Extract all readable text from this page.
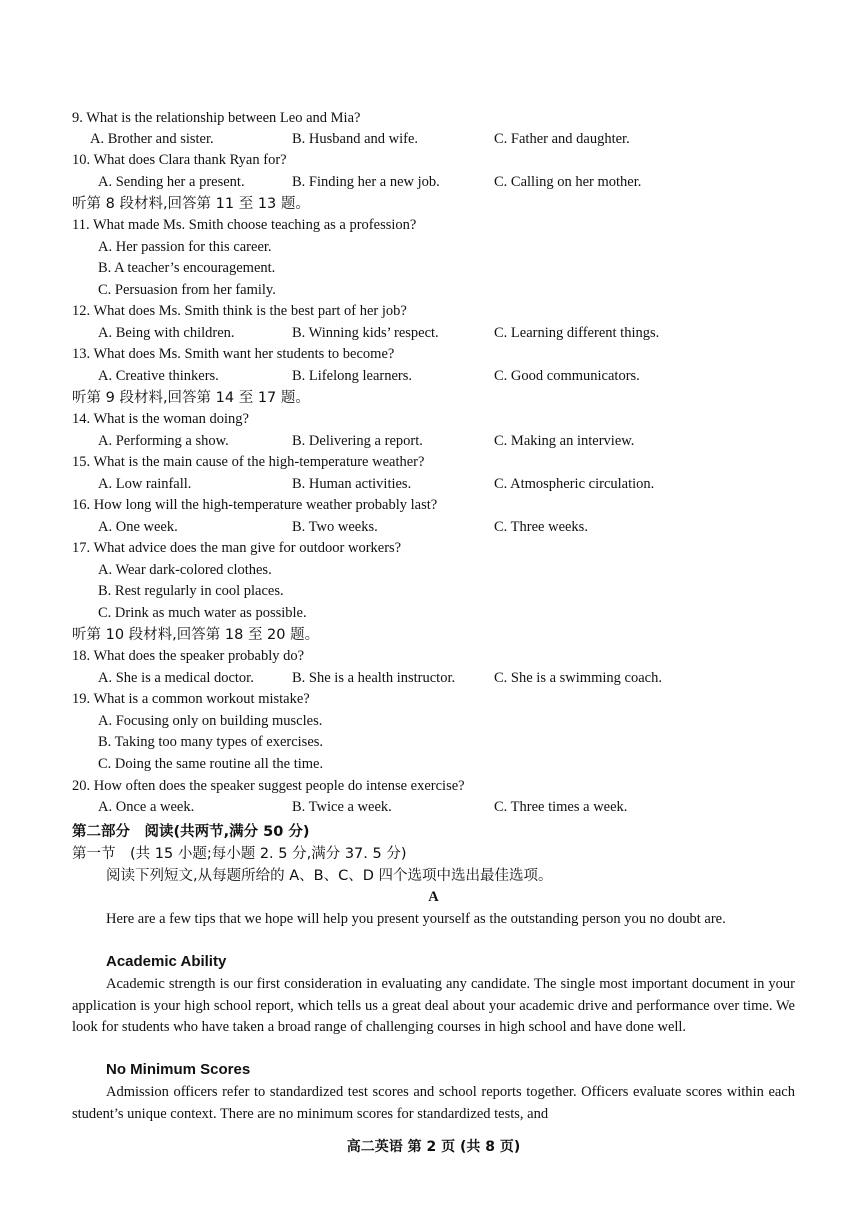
9. What is the relationship between Leo and Mia?
A. Brother and sister.	B. Husband and wife.	C. Father and daughter.
10. What does Clara thank Ryan for?
A. Sending her a present.	B. Finding her a new job.	C. Calling on her mother.
听第 8 段材料,回答第 11 至 13 题。
11. What made Ms. Smith choose teaching as a profession?
A. Her passion for this career.
B. A teacher’s encouragement.
C. Persuasion from her family.
12. What does Ms. Smith think is the best part of her job?
A. Being with children.	B. Winning kids’ respect.	C. Learning different things.
13. What does Ms. Smith want her students to become?
A. Creative thinkers.	B. Lifelong learners.	C. Good communicators.
听第 9 段材料,回答第 14 至 17 题。
14. What is the woman doing?
A. Performing a show.	B. Delivering a report.	C. Making an interview.
15. What is the main cause of the high-temperature weather?
A. Low rainfall.	B. Human activities.	C. Atmospheric circulation.
16. How long will the high-temperature weather probably last?
A. One week.	B. Two weeks.	C. Three weeks.
17. What advice does the man give for outdoor workers?
A. Wear dark-colored clothes.
B. Rest regularly in cool places.
C. Drink as much water as possible.
听第 10 段材料,回答第 18 至 20 题。
18. What does the speaker probably do?
A. She is a medical doctor.	B. She is a health instructor.	C. She is a swimming coach.
19. What is a common workout mistake?
A. Focusing only on building muscles.
B. Taking too many types of exercises.
C. Doing the same routine all the time.
20. How often does the speaker suggest people do intense exercise?
A. Once a week.	B. Twice a week.	C. Three times a week.
第二部分　阅读(共两节,满分 50 分)
第一节　(共 15 小题;每小题 2. 5 分,满分 37. 5 分)
阅读下列短文,从每题所给的 A、B、C、D 四个选项中选出最佳选项。
A
Here are a few tips that we hope will help you present yourself as the outstanding person you no doubt are.
Academic Ability
Academic strength is our first consideration in evaluating any candidate. The single most important document in your application is your high school report, which tells us a great deal about your academic drive and performance over time. We look for students who have taken a broad range of challenging courses in high school and have done well.
No Minimum Scores
Admission officers refer to standardized test scores and school reports together. Officers evaluate scores within each student’s unique context. There are no minimum scores for standardized tests, and
高二英语 第 2 页 (共 8 页)
